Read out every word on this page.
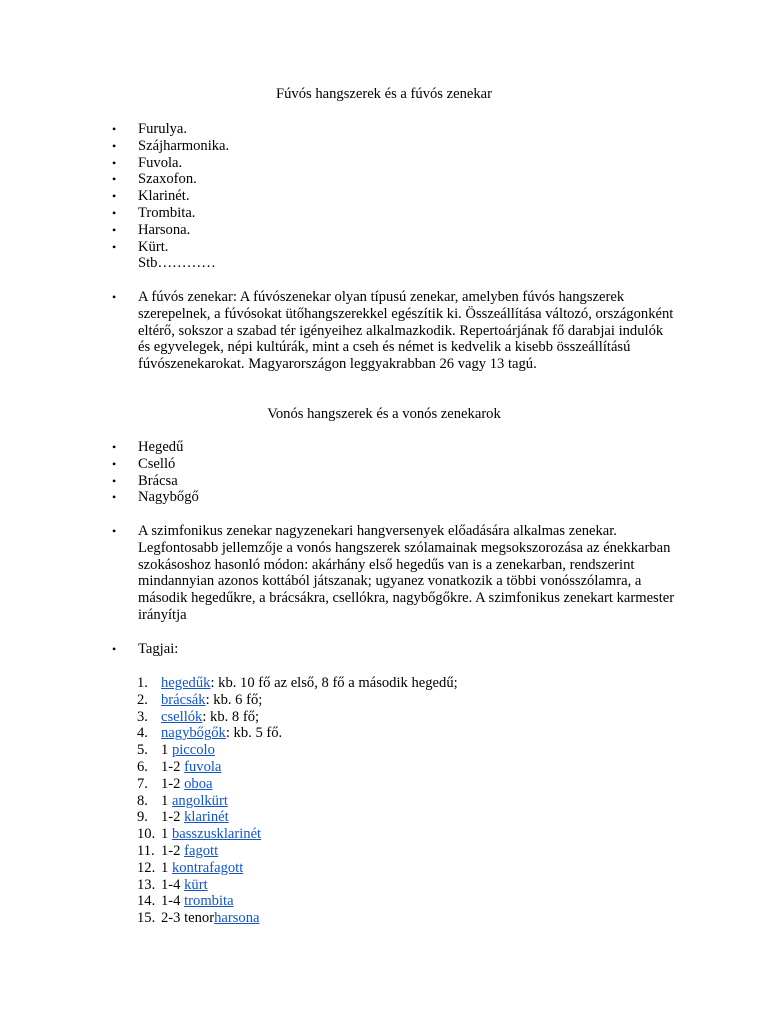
Fúvós hangszerek és a fúvós zenekar
• Furulya.
• Szájharmonika.
• Fuvola.
• Szaxofon.
• Klarinét.
• Trombita.
• Harsona.
• Kürt.
Stb…………
• A fúvós zenekar: A fúvószenekar olyan típusú zenekar, amelyben fúvós hangszerek szerepelnek, a fúvósokat ütőhangszerekkel egészítik ki. Összeállítása változó, országonként eltérő, sokszor a szabad tér igényeihez alkalmazkodik. Repertoárjának fő darabjai indulók és egyvelegek, népi kultúrák, mint a cseh és német is kedvelik a kisebb összeállítású fúvószenekarokat. Magyarországon leggyakrabban 26 vagy 13 tagú.
Vonós hangszerek és a vonós zenekarok
• Hegedű
• Cselló
• Brácsa
• Nagybőgő
• A szimfonikus zenekar nagyzenekari hangversenyek előadására alkalmas zenekar. Legfontosabb jellemzője a vonós hangszerek szólamainak megsokszorozása az énekkarban szokásoshoz hasonló módon: akárhány első hegedűs van is a zenekarban, rendszerint mindannyian azonos kottából játszanak; ugyanez vonatkozik a többi vonósszólamra, a második hegedűkre, a brácsákra, csellókra, nagybőgőkre. A szimfonikus zenekart karmester irányítja
• Tagjai:
1. hegedűk: kb. 10 fő az első, 8 fő a második hegedű;
2. brácsák: kb. 6 fő;
3. csellók: kb. 8 fő;
4. nagybőgők: kb. 5 fő.
5. 1 piccolo
6. 1-2 fuvola
7. 1-2 oboa
8. 1 angolkürt
9. 1-2 klarinét
10. 1 basszusklarinét
11. 1-2 fagott
12. 1 kontrafagott
13. 1-4 kürt
14. 1-4 trombita
15. 2-3 tenorharsona
